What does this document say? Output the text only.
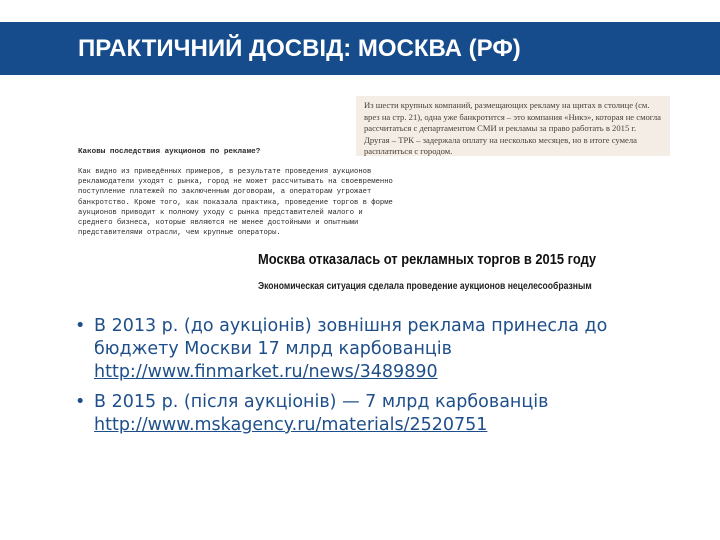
ПРАКТИЧНИЙ ДОСВІД: МОСКВА (РФ)
Из шести крупных компаний, размещающих рекламу на щитах в столице (см. врез на стр. 21), одна уже банкротится – это компания «Никэ», которая не смогла рассчитаться с департаментом СМИ и рекламы за право работать в 2015 г. Другая – ТРК – задержала оплату на несколько месяцев, но в итоге сумела расплатиться с городом.

Каковы последствия аукционов по рекламе?

Как видно из приведённых примеров, в результате проведения аукционов рекламодатели уходят с рынка, город не может рассчитывать на своевременно поступление платежей по заключенным договорам, а операторам угрожает банкротство. Кроме того, как показала практика, проведение торгов в форме аукционов приводит к полному уходу с рынка представителей малого и среднего бизнеса, которые являются не менее достойными и опытными представителями отрасли, чем крупные операторы.

Москва отказалась от рекламных торгов в 2015 году
Экономическая ситуация сделала проведение аукционов нецелесообразным
• В 2013 р. (до аукціонів) зовнішня реклама принесла до бюджету Москви 17 млрд карбованців
http://www.finmarket.ru/news/3489890
• В 2015 р. (після аукціонів) — 7 млрд карбованців
http://www.mskagency.ru/materials/2520751
